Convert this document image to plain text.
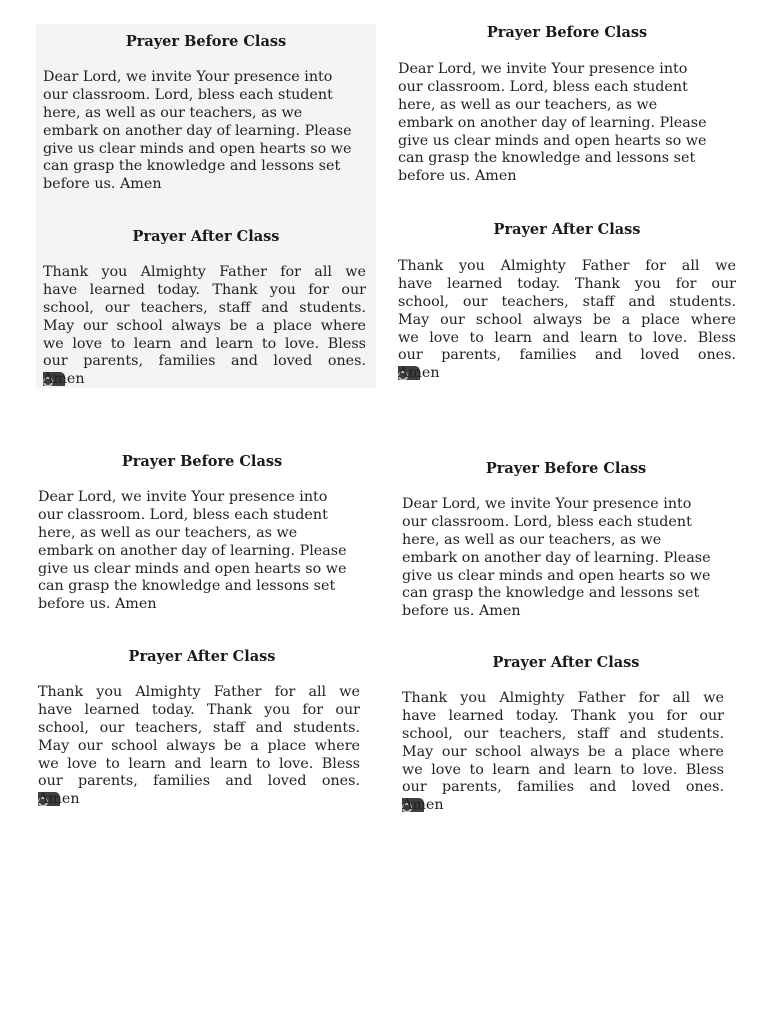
Prayer Before Class
Dear Lord, we invite Your presence into
our classroom. Lord, bless each student
here, as well as our teachers, as we
embark on another day of learning. Please
give us clear minds and open hearts so we
can grasp the knowledge and lessons set
before us. Amen
Prayer After Class
Thank you Almighty Father for all we
have learned today. Thank you for our
school, our teachers, staff and students.
May our school always be a place where
we love to learn and learn to love. Bless
our parents, families and loved ones.
Amen
Prayer Before Class
Dear Lord, we invite Your presence into
our classroom. Lord, bless each student
here, as well as our teachers, as we
embark on another day of learning. Please
give us clear minds and open hearts so we
can grasp the knowledge and lessons set
before us. Amen
Prayer After Class
Thank you Almighty Father for all we
have learned today. Thank you for our
school, our teachers, staff and students.
May our school always be a place where
we love to learn and learn to love. Bless
our parents, families and loved ones.
Amen
Prayer Before Class
Dear Lord, we invite Your presence into
our classroom. Lord, bless each student
here, as well as our teachers, as we
embark on another day of learning. Please
give us clear minds and open hearts so we
can grasp the knowledge and lessons set
before us. Amen
Prayer After Class
Thank you Almighty Father for all we
have learned today. Thank you for our
school, our teachers, staff and students.
May our school always be a place where
we love to learn and learn to love. Bless
our parents, families and loved ones.
Amen
Prayer Before Class
Dear Lord, we invite Your presence into
our classroom. Lord, bless each student
here, as well as our teachers, as we
embark on another day of learning. Please
give us clear minds and open hearts so we
can grasp the knowledge and lessons set
before us. Amen
Prayer After Class
Thank you Almighty Father for all we
have learned today. Thank you for our
school, our teachers, staff and students.
May our school always be a place where
we love to learn and learn to love. Bless
our parents, families and loved ones.
Amen
